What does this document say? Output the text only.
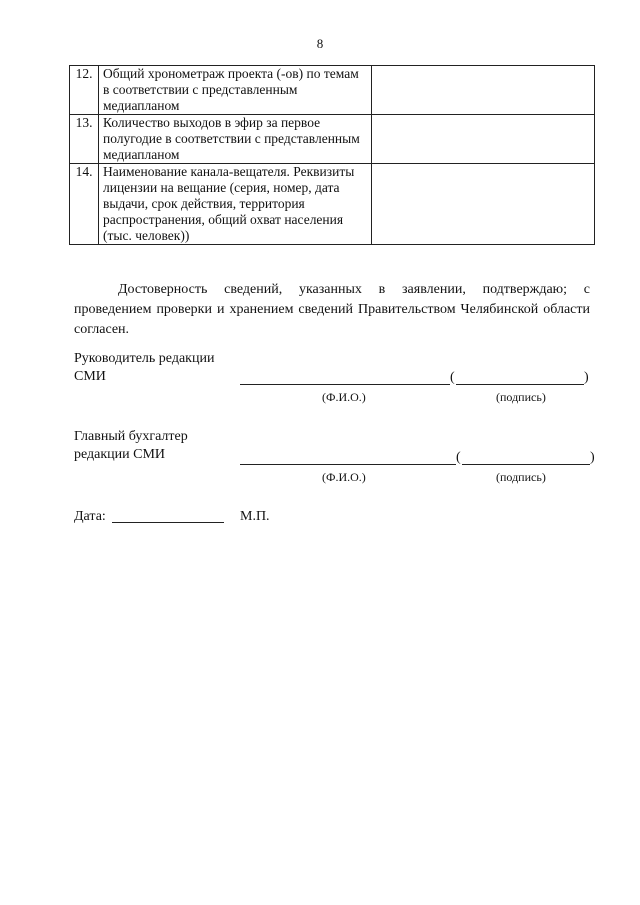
8
12.	Общий хронометраж проекта (-ов) по темам в соответствии с представленным медиапланом	
13.	Количество выходов в эфир за первое полугодие в соответствии с представленным медиапланом	
14.	Наименование канала-вещателя. Реквизиты лицензии на вещание (серия, номер, дата выдачи, срок действия, территория распространения, общий охват населения (тыс. человек))	
Достоверность сведений, указанных в заявлении, подтверждаю; с проведением проверки и хранением сведений Правительством Челябинской области согласен.
Руководитель редакции
СМИ	(	)
(Ф.И.О.)	(подпись)
Главный бухгалтер
редакции СМИ	(	)
(Ф.И.О.)	(подпись)
Дата:	М.П.
